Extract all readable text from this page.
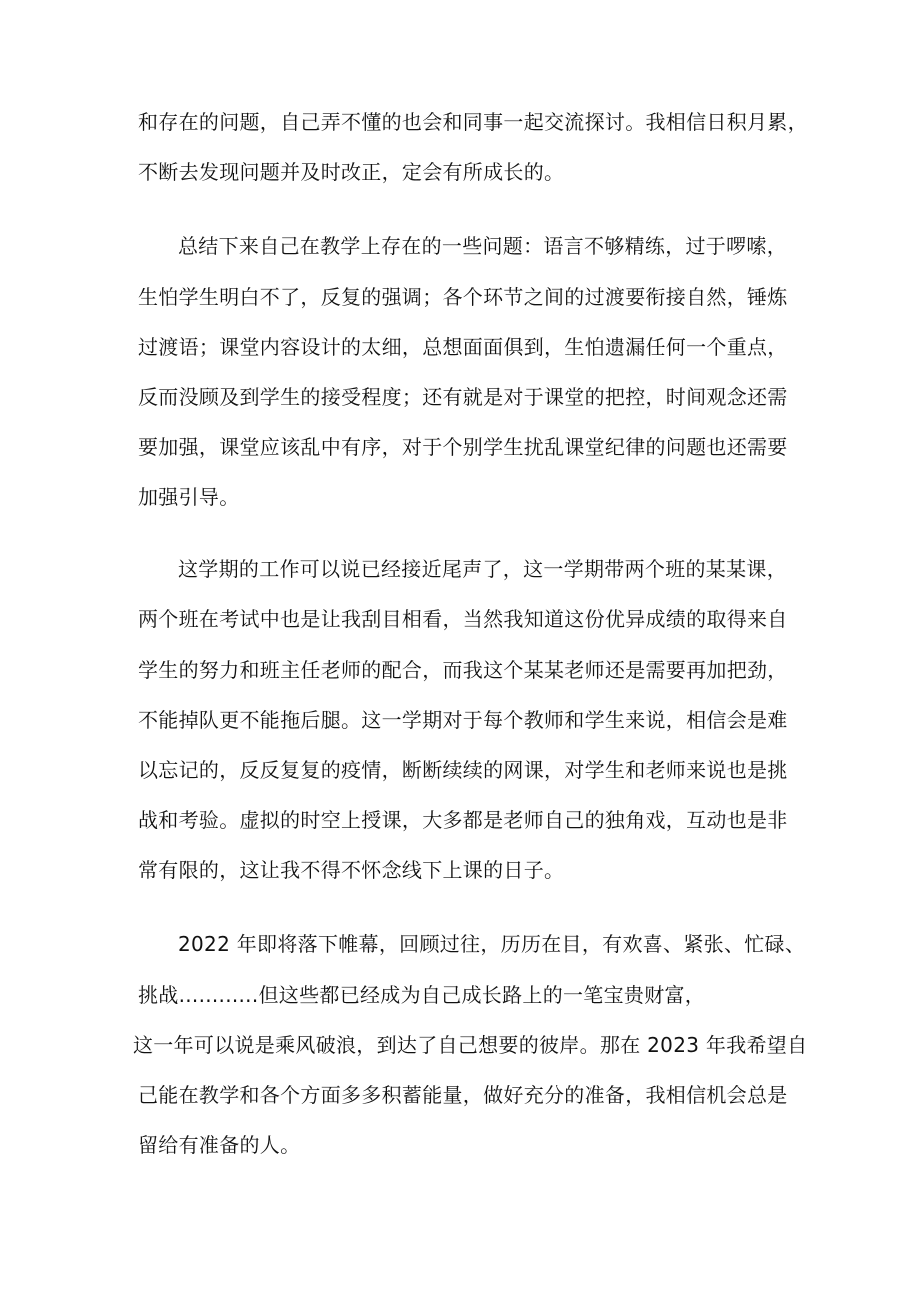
和存在的问题，自己弄不懂的也会和同事一起交流探讨。我相信日积月累，
不断去发现问题并及时改正，定会有所成长的。
总结下来自己在教学上存在的一些问题：语言不够精练，过于啰嗦，
生怕学生明白不了，反复的强调；各个环节之间的过渡要衔接自然，锤炼
过渡语；课堂内容设计的太细，总想面面俱到，生怕遗漏任何一个重点，
反而没顾及到学生的接受程度；还有就是对于课堂的把控，时间观念还需
要加强，课堂应该乱中有序，对于个别学生扰乱课堂纪律的问题也还需要
加强引导。
这学期的工作可以说已经接近尾声了，这一学期带两个班的某某课，
两个班在考试中也是让我刮目相看，当然我知道这份优异成绩的取得来自
学生的努力和班主任老师的配合，而我这个某某老师还是需要再加把劲，
不能掉队更不能拖后腿。这一学期对于每个教师和学生来说，相信会是难
以忘记的，反反复复的疫情，断断续续的网课，对学生和老师来说也是挑
战和考验。虚拟的时空上授课，大多都是老师自己的独角戏，互动也是非
常有限的，这让我不得不怀念线下上课的日子。
2022 年即将落下帷幕，回顾过往，历历在目，有欢喜、紧张、忙碌、
挑战............但这些都已经成为自己成长路上的一笔宝贵财富，
这一年可以说是乘风破浪，到达了自己想要的彼岸。那在 2023 年我希望自
己能在教学和各个方面多多积蓄能量，做好充分的准备，我相信机会总是
留给有准备的人。
